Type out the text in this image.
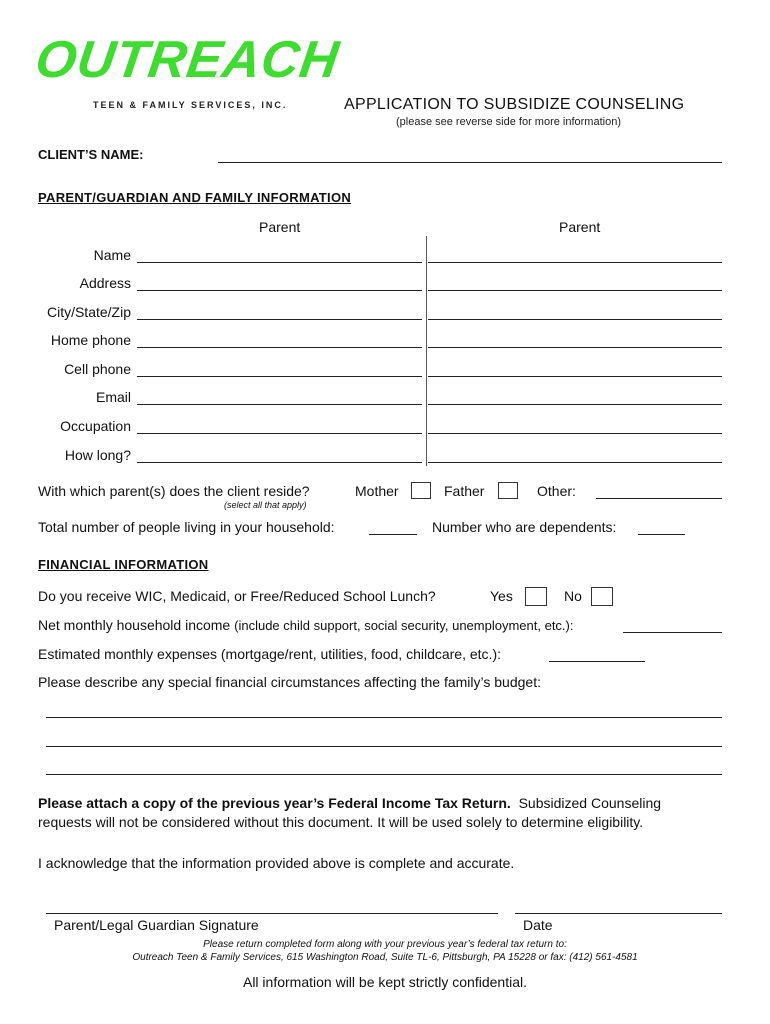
OUTREACH
TEEN & FAMILY SERVICES, INC.	APPLICATION TO SUBSIDIZE COUNSELING
(please see reverse side for more information)
CLIENT’S NAME:
PARENT/GUARDIAN AND FAMILY INFORMATION
Parent	Parent
Name
Address
City/State/Zip
Home phone
Cell phone
Email
Occupation
How long?
With which parent(s) does the client reside?
(select all that apply)
Mother	Father	Other:
Total number of people living in your household:	Number who are dependents:
FINANCIAL INFORMATION
Do you receive WIC, Medicaid, or Free/Reduced School Lunch?	Yes	No
Net monthly household income (include child support, social security, unemployment, etc.):
Estimated monthly expenses (mortgage/rent, utilities, food, childcare, etc.):
Please describe any special financial circumstances affecting the family’s budget:
Please attach a copy of the previous year’s Federal Income Tax Return. Subsidized Counseling
requests will not be considered without this document. It will be used solely to determine eligibility.
I acknowledge that the information provided above is complete and accurate.
Parent/Legal Guardian Signature	Date
Please return completed form along with your previous year’s federal tax return to:
Outreach Teen & Family Services, 615 Washington Road, Suite TL-6, Pittsburgh, PA 15228 or fax: (412) 561-4581
All information will be kept strictly confidential.
